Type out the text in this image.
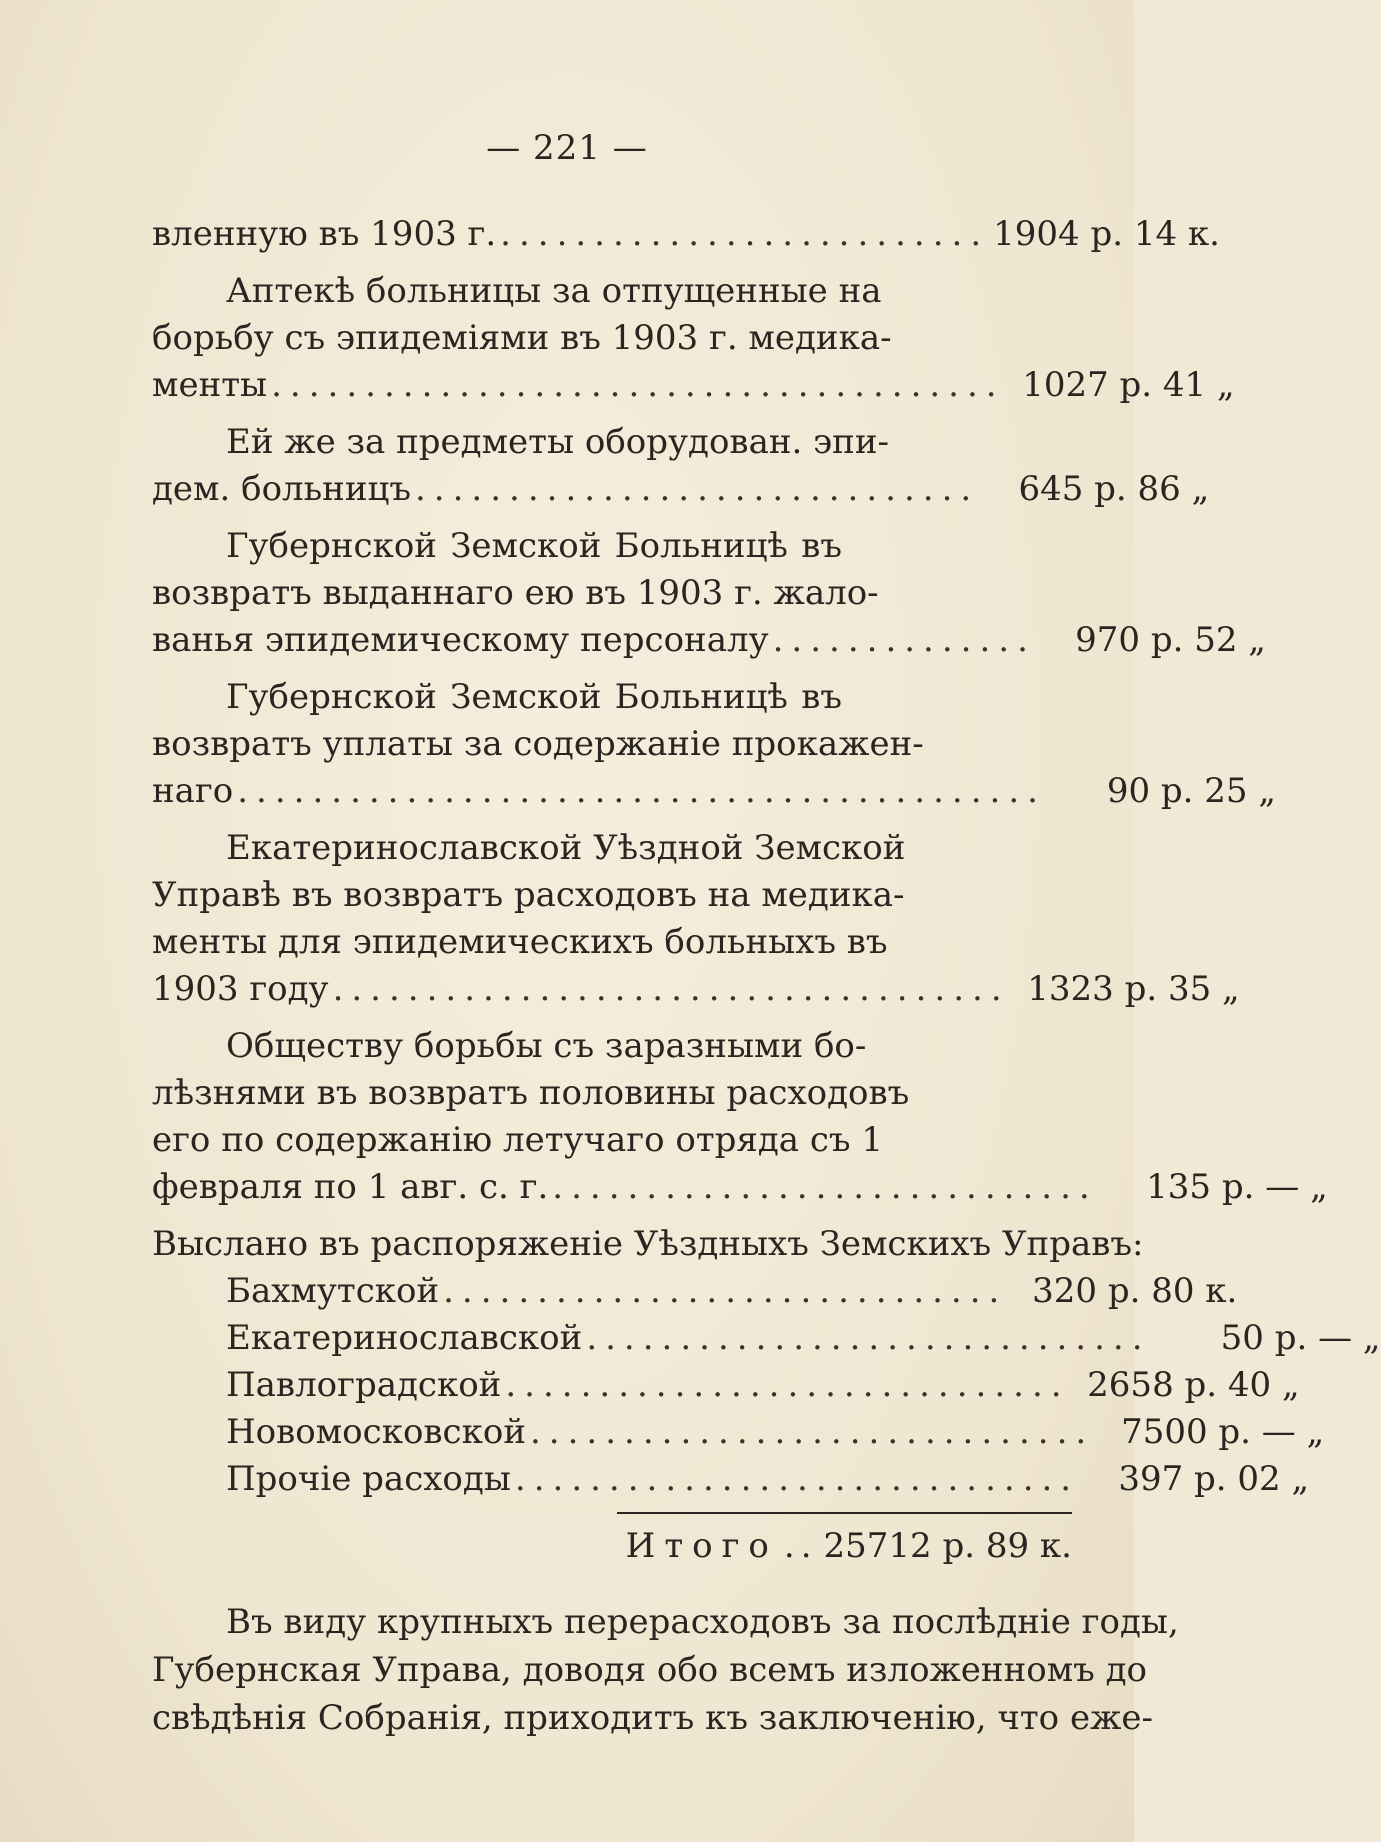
— 221 —
вленную въ 1903 г. .......................... 1904 р. 14 к.
Аптекѣ больницы за отпущенные на
борьбу съ эпидеміями въ 1903 г. медика-
менты ....................................... 1027 р. 41 „
Ей же за предметы оборудован. эпи-
дем. больницъ ..............................	645 р. 86 „
Губернской Земской Больницѣ въ
возвратъ выданнаго ею въ 1903 г. жало-
ванья эпидемическому персоналу ..............	970 р. 52 „
Губернской Земской Больницѣ въ
возвратъ уплаты за содержаніе прокажен-
наго ...........................................	90 р. 25 „
Екатеринославской Уѣздной Земской
Управѣ въ возвратъ расходовъ на медика-
менты для эпидемическихъ больныхъ въ
1903 году .................................... 1323 р. 35 „
Обществу борьбы съ заразными бо-
лѣзнями въ возвратъ половины расходовъ
его по содержанію летучаго отряда съ 1
февраля по 1 авг. с. г. .............................	135 р. — „
Выслано въ распоряженіе Уѣздныхъ Земскихъ Управъ:
Бахмутской .............................. 320 р. 80 к.
Екатеринославской ..............................	50 р. — „
Павлоградской .............................. 2658 р. 40 „
Новомосковской .............................. 7500 р. — „
Прочіе расходы ..............................	397 р. 02 „
Итого .. 25712 р. 89 к.
Въ виду крупныхъ перерасходовъ за послѣдніе годы,
Губернская Управа, доводя обо всемъ изложенномъ до
свѣдѣнія Собранія, приходитъ къ заключенію, что еже-
